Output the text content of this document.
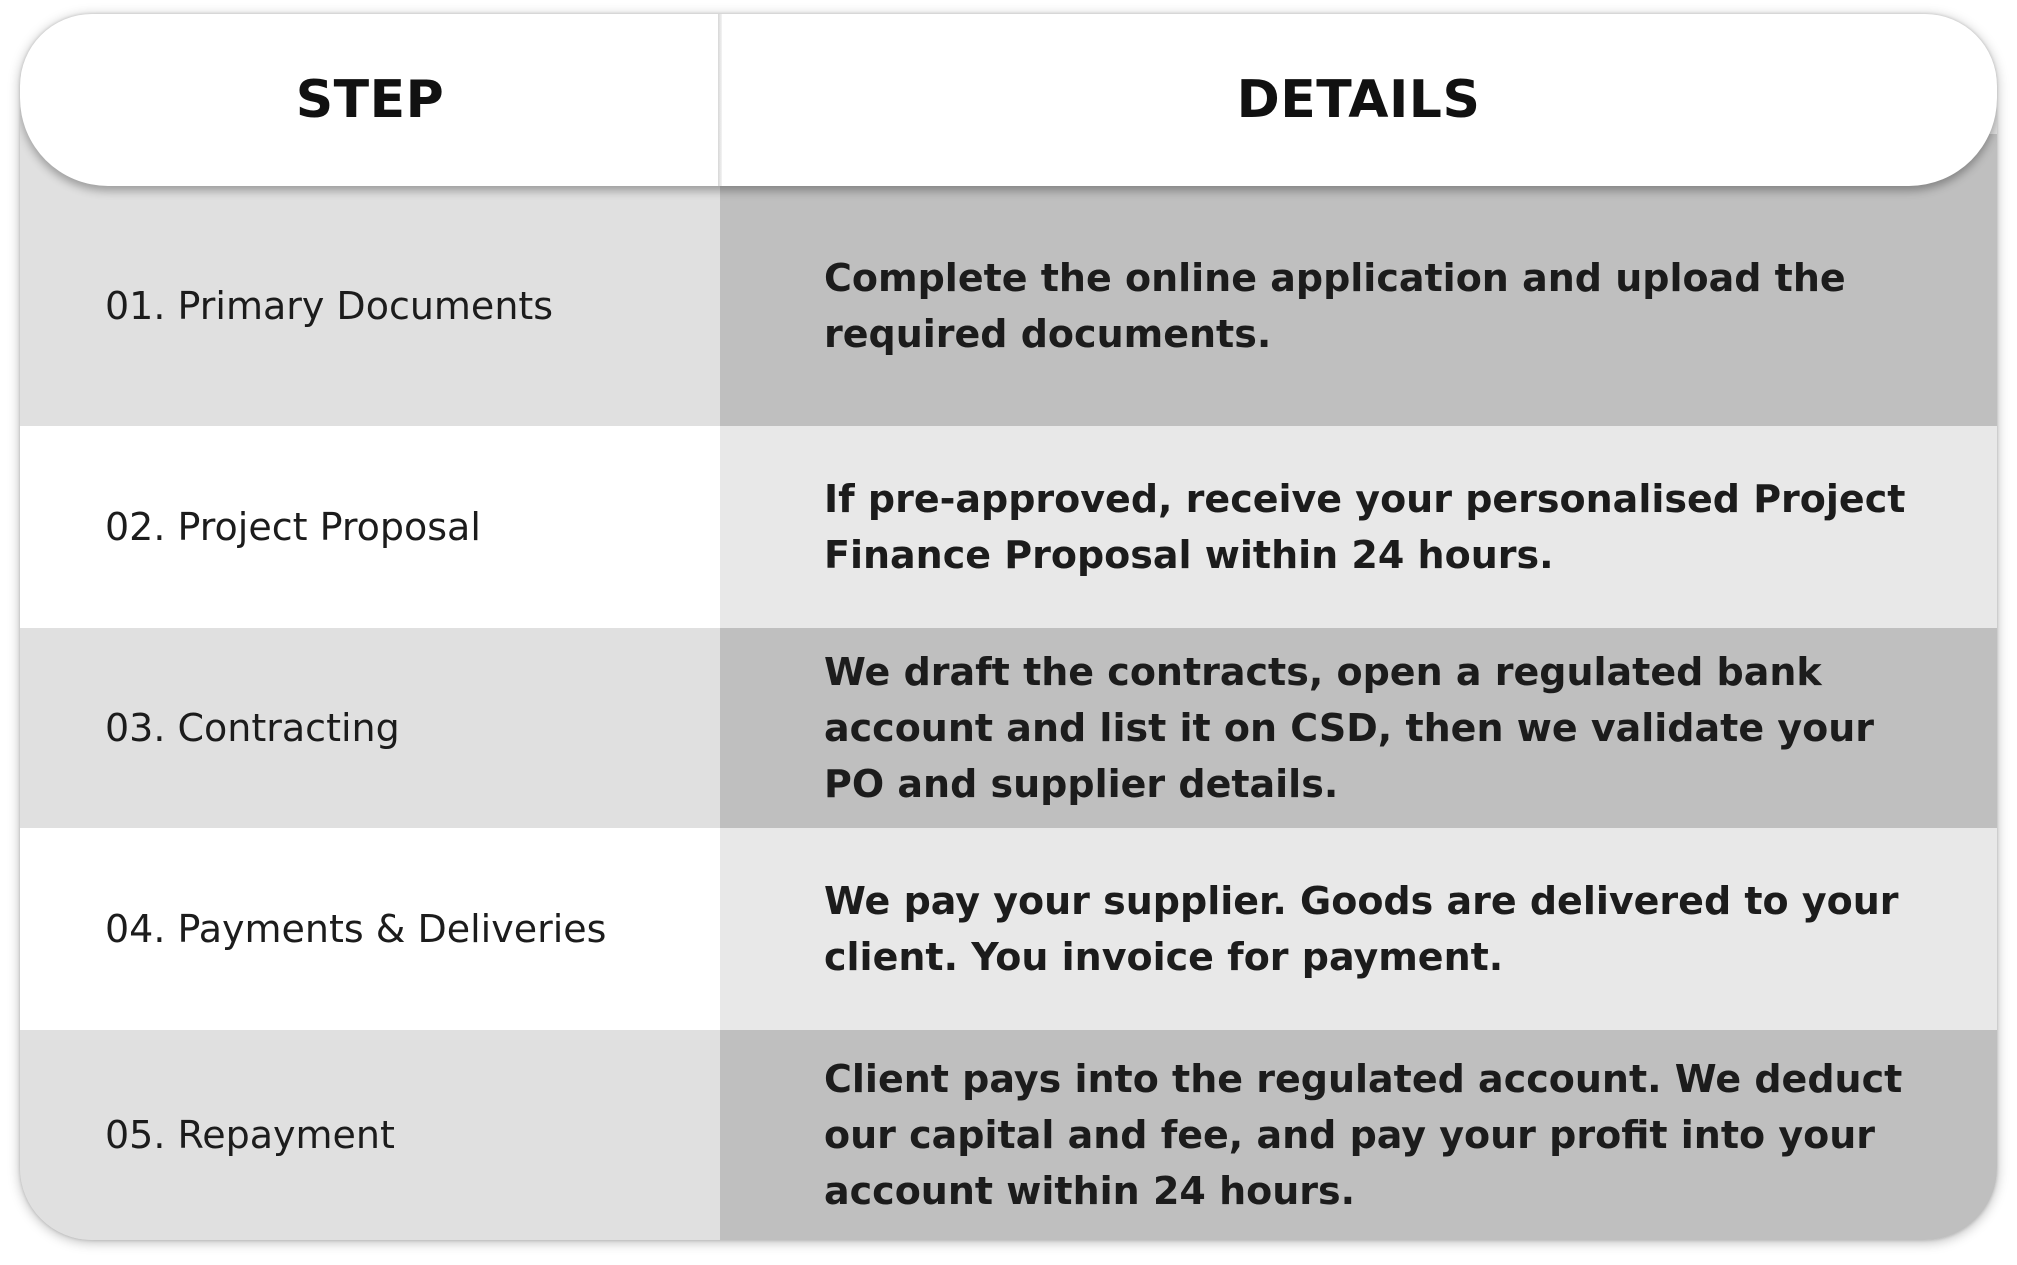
01. Primary Documents
Complete the online application and upload the required documents.
02. Project Proposal
If pre-approved, receive your personalised Project Finance Proposal within 24 hours.
03. Contracting
We draft the contracts, open a regulated bank account and list it on CSD, then we validate your PO and supplier details.
04. Payments & Deliveries
We pay your supplier. Goods are delivered to your client. You invoice for payment.
05. Repayment
Client pays into the regulated account. We deduct our capital and fee, and pay your profit into your account within 24 hours.
STEP	DETAILS
